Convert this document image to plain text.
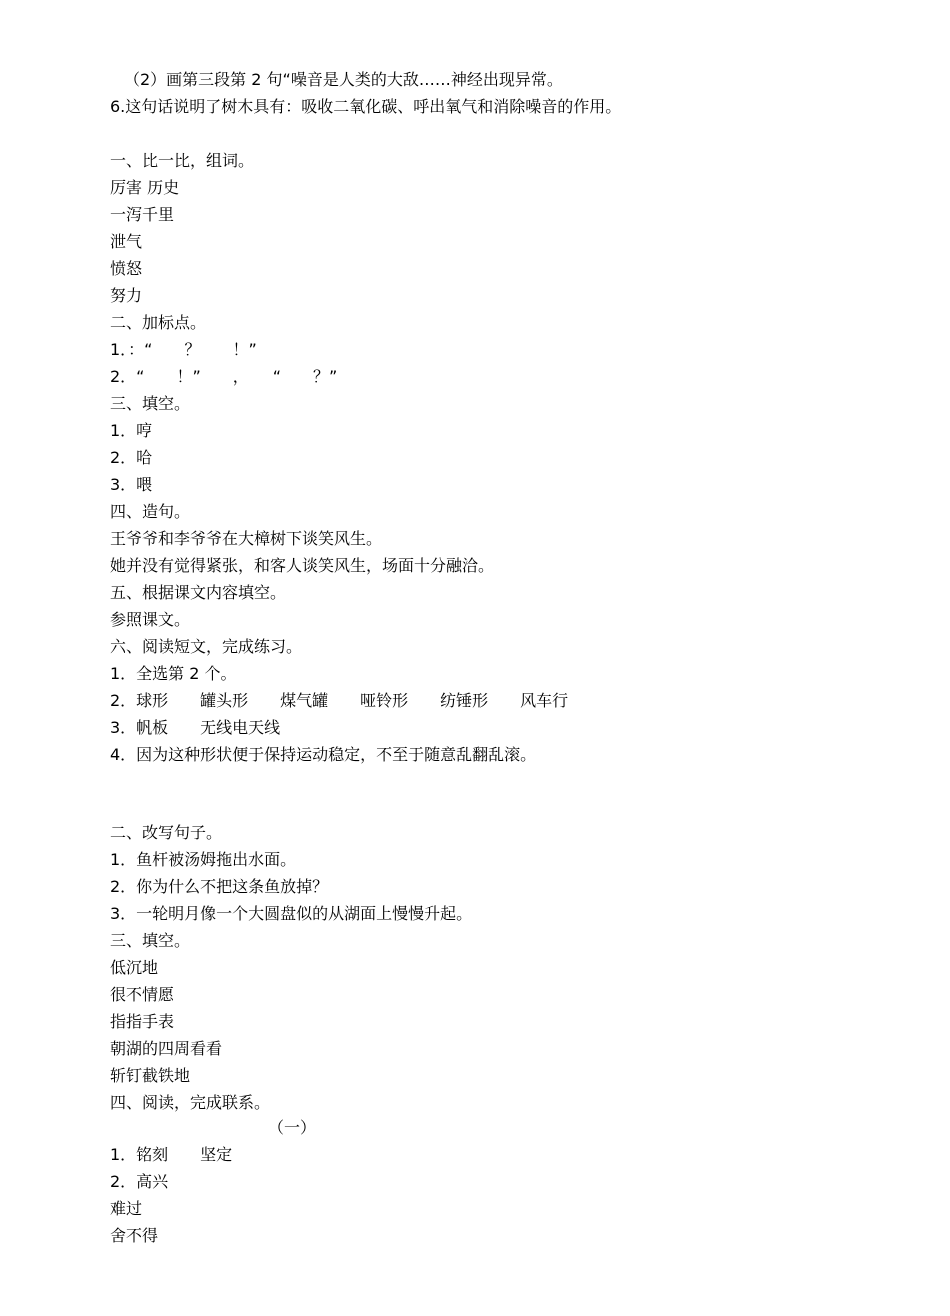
（2）画第三段第 2 句“噪音是人类的大敌……神经出现异常。
6.这句话说明了树木具有：吸收二氧化碳、呼出氧气和消除噪音的作用。
一、比一比，组词。
厉害 历史
一泻千里
泄气
愤怒
努力
二、加标点。
1．：“　　？　　！”
2．“　　！”　　，　　“　　？”
三、填空。
1．哼
2．哈
3．喂
四、造句。
王爷爷和李爷爷在大樟树下谈笑风生。
她并没有觉得紧张，和客人谈笑风生，场面十分融洽。
五、根据课文内容填空。
参照课文。
六、阅读短文，完成练习。
1．全选第 2 个。
2．球形　　罐头形　　煤气罐　　哑铃形　　纺锤形　　风车行
3．帆板　　无线电天线
4．因为这种形状便于保持运动稳定，不至于随意乱翻乱滚。
二、改写句子。
1．鱼杆被汤姆拖出水面。
2．你为什么不把这条鱼放掉？
3．一轮明月像一个大圆盘似的从湖面上慢慢升起。
三、填空。
低沉地
很不情愿
指指手表
朝湖的四周看看
斩钉截铁地
四、阅读，完成联系。
（一）
1．铭刻　　坚定
2．高兴
难过
舍不得
